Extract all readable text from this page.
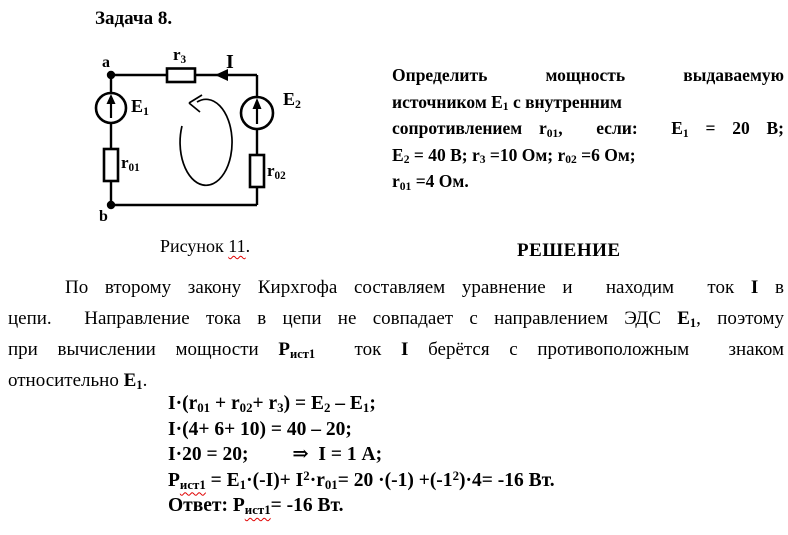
Задача 8.
a
b
$r_3$ I
$E_1$
$E_2$
$r_{01}$	$r_{02}$
Рисунок 11.
Определить мощность выдаваемую
источником $E_1$ с внутренним
сопротивлением $r_{01}$,  если:  $E_1 = 20$ В;
$E_2 = 40$ В; $r_3 =10$ Ом; $r_{02} =6$ Ом;
$r_{01} =4$ Ом.
РЕШЕНИЕ
По второму закону Кирхгофа составляем уравнение и  находим  ток I в
цепи.  Направление тока в цепи не совпадает с направлением ЭДС $E_1$, поэтому
при вычислении мощности $P_{ист1}$  ток I берётся с противоположным  знаком
относительно $E_1$.
$I\cdot(r_{01} + r_{02}+ r_3) = E_2 - E_1$;
I·(4+ 6+ 10) = 40 – 20;
I·20 = 20;         ⇒  I = 1 А;
$P_{ист1} = E_1\cdot(-I)+ I^2\cdot r_{01}= 20 \cdot(-1) +(-1^2)\cdot 4= -16$ Вт.
Ответ: $P_{ист1}= -16$ Вт.
